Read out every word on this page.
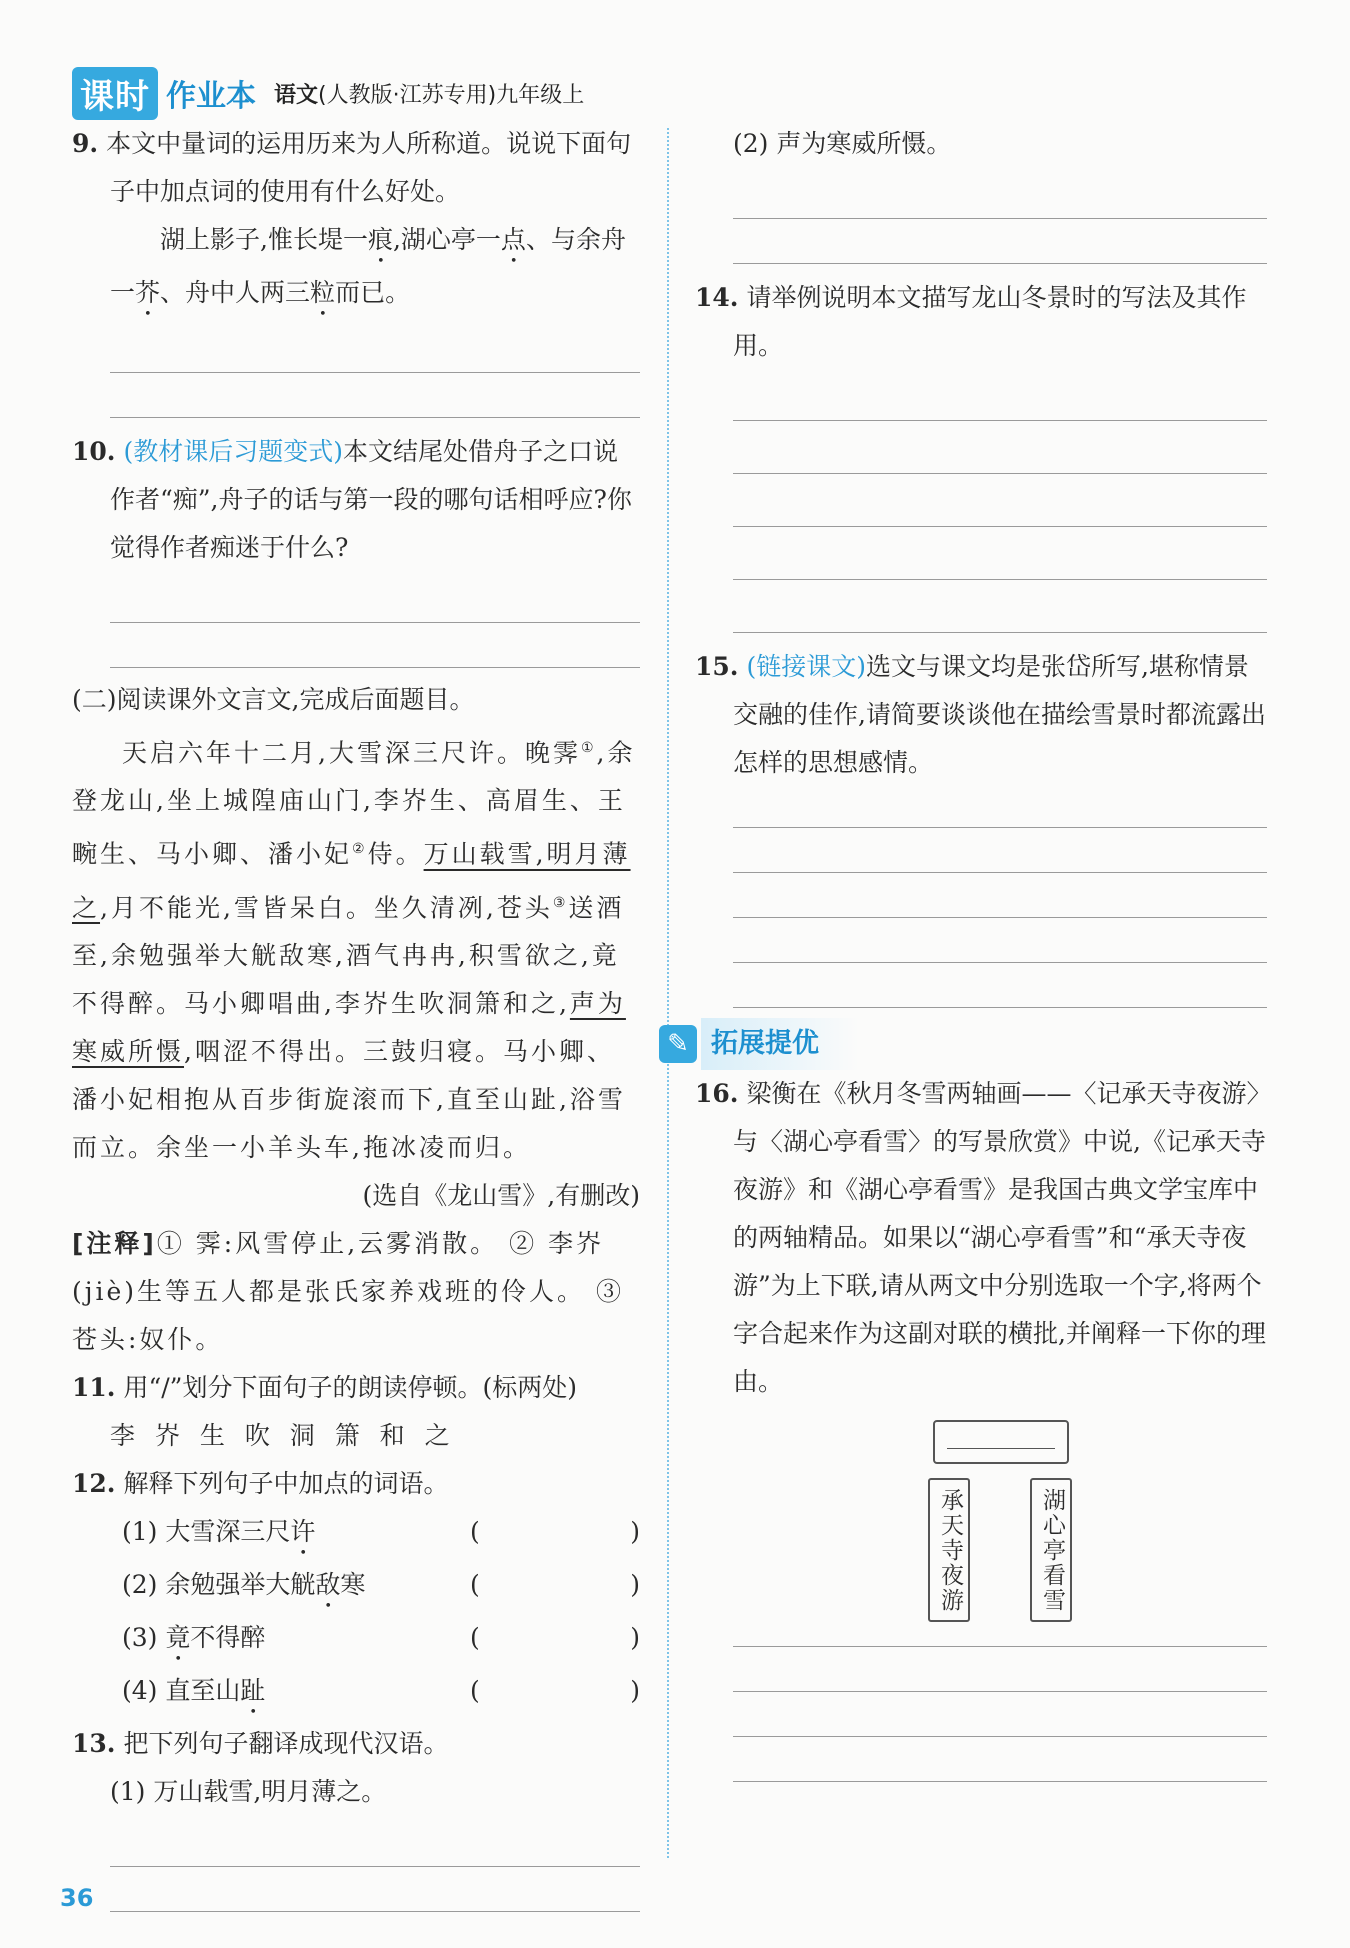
课时 作业本 语文(人教版·江苏专用)九年级上
9. 本文中量词的运用历来为人所称道。说说下面句子中加点词的使用有什么好处。
湖上影子,惟长堤一痕,湖心亭一点、与余舟一芥、舟中人两三粒而已。
10. (教材课后习题变式)本文结尾处借舟子之口说作者“痴”,舟子的话与第一段的哪句话相呼应?你觉得作者痴迷于什么?
(二)阅读课外文言文,完成后面题目。
天启六年十二月,大雪深三尺许。晚霁①,余登龙山,坐上城隍庙山门,李岕生、高眉生、王畹生、马小卿、潘小妃②侍。万山载雪,明月薄之,月不能光,雪皆呆白。坐久清冽,苍头③送酒至,余勉强举大觥敌寒,酒气冉冉,积雪欲之,竟不得醉。马小卿唱曲,李岕生吹洞箫和之,声为寒威所慑,咽涩不得出。三鼓归寝。马小卿、潘小妃相抱从百步街旋滚而下,直至山趾,浴雪而立。余坐一小羊头车,拖冰凌而归。
(选自《龙山雪》,有删改)
[注释]① 霁:风雪停止,云雾消散。 ② 李岕(jiè)生等五人都是张氏家养戏班的伶人。 ③ 苍头:奴仆。
11. 用“/”划分下面句子的朗读停顿。(标两处)
李 岕 生 吹 洞 箫 和 之
12. 解释下列句子中加点的词语。
(1) 大雪深三尺许	(	)
(2) 余勉强举大觥敌寒	(	)
(3) 竟不得醉	(	)
(4) 直至山趾	(	)
13. 把下列句子翻译成现代汉语。
(1) 万山载雪,明月薄之。
(2) 声为寒威所慑。
14. 请举例说明本文描写龙山冬景时的写法及其作用。
15. (链接课文)选文与课文均是张岱所写,堪称情景交融的佳作,请简要谈谈他在描绘雪景时都流露出怎样的思想感情。
✎ 拓展提优
16. 梁衡在《秋月冬雪两轴画——〈记承天寺夜游〉与〈湖心亭看雪〉的写景欣赏》中说,《记承天寺夜游》和《湖心亭看雪》是我国古典文学宝库中的两轴精品。如果以“湖心亭看雪”和“承天寺夜游”为上下联,请从两文中分别选取一个字,将两个字合起来作为这副对联的横批,并阐释一下你的理由。
承天寺夜游	湖心亭看雪
36
